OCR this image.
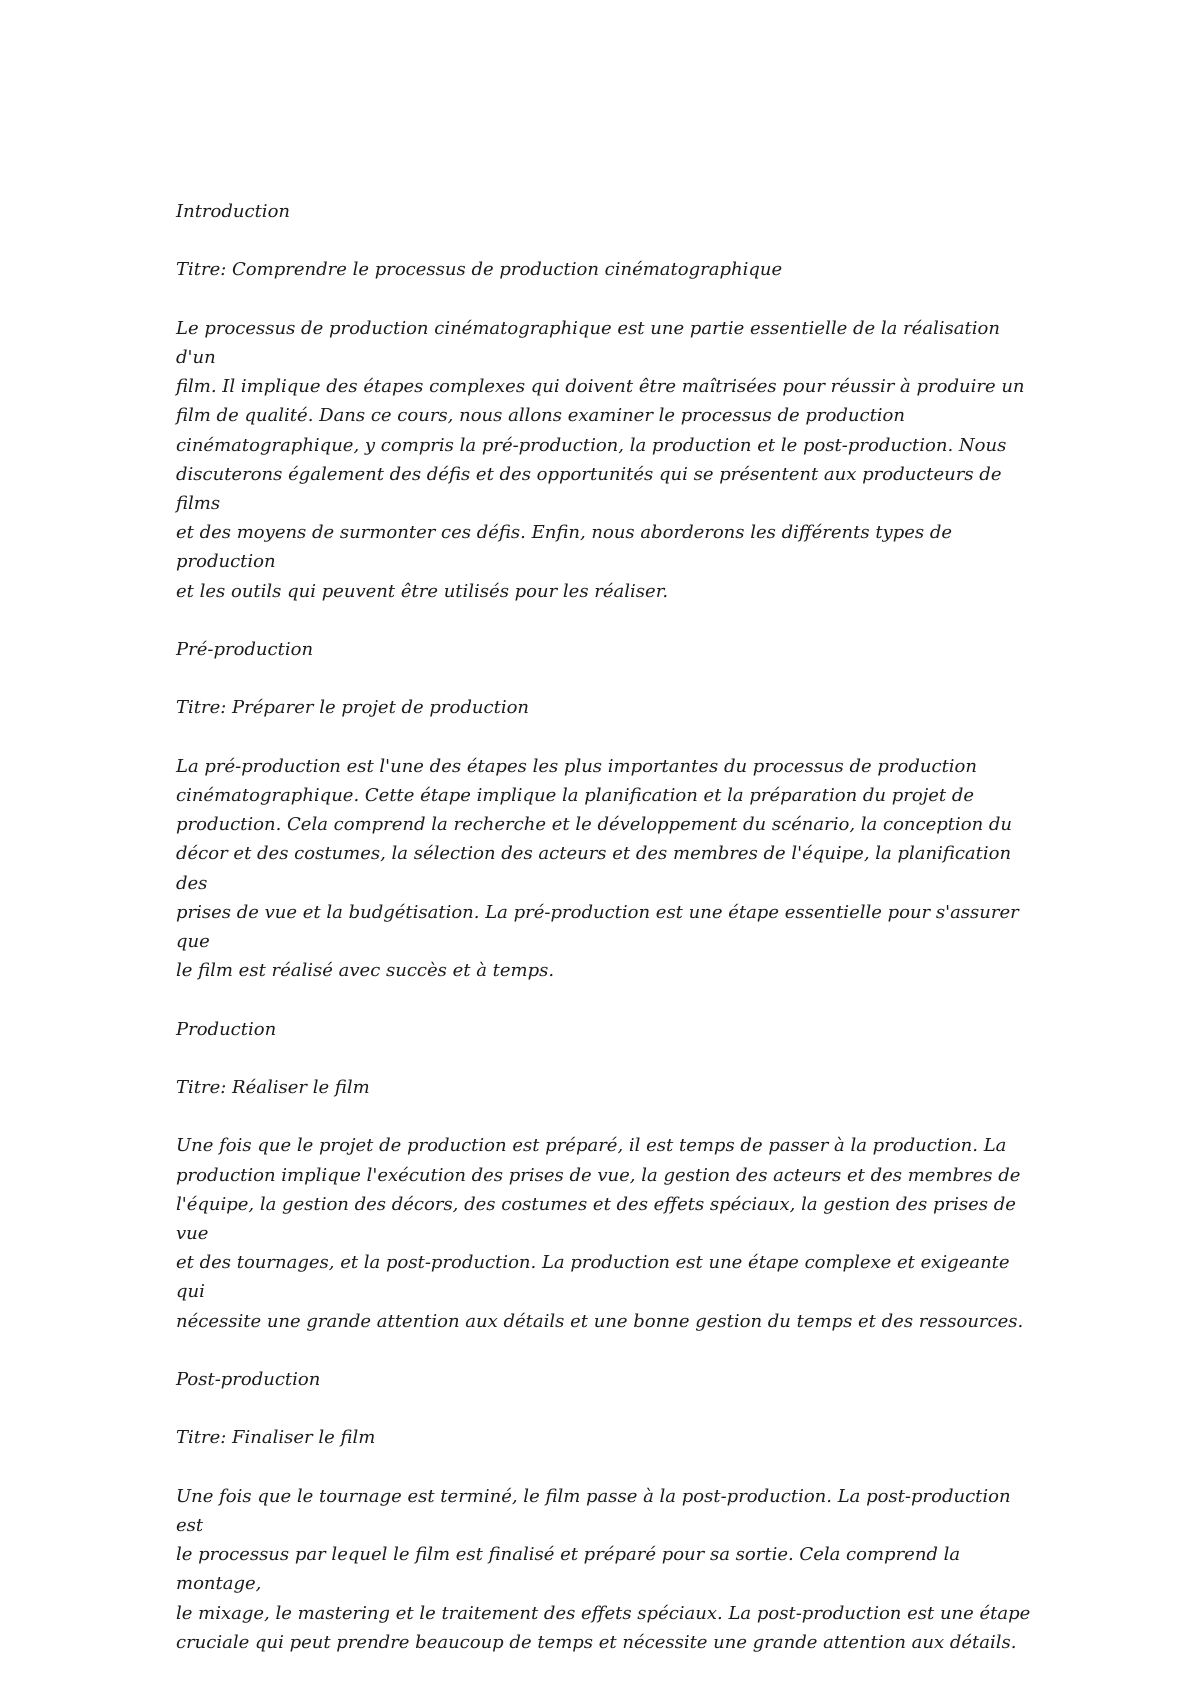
Introduction

Titre: Comprendre le processus de production cinématographique

Le processus de production cinématographique est une partie essentielle de la réalisation d'un
film. Il implique des étapes complexes qui doivent être maîtrisées pour réussir à produire un
film de qualité. Dans ce cours, nous allons examiner le processus de production
cinématographique, y compris la pré-production, la production et le post-production. Nous
discuterons également des défis et des opportunités qui se présentent aux producteurs de films
et des moyens de surmonter ces défis. Enfin, nous aborderons les différents types de production
et les outils qui peuvent être utilisés pour les réaliser.

Pré-production

Titre: Préparer le projet de production

La pré-production est l'une des étapes les plus importantes du processus de production
cinématographique. Cette étape implique la planification et la préparation du projet de
production. Cela comprend la recherche et le développement du scénario, la conception du
décor et des costumes, la sélection des acteurs et des membres de l'équipe, la planification des
prises de vue et la budgétisation. La pré-production est une étape essentielle pour s'assurer que
le film est réalisé avec succès et à temps.

Production

Titre: Réaliser le film

Une fois que le projet de production est préparé, il est temps de passer à la production. La
production implique l'exécution des prises de vue, la gestion des acteurs et des membres de
l'équipe, la gestion des décors, des costumes et des effets spéciaux, la gestion des prises de vue
et des tournages, et la post-production. La production est une étape complexe et exigeante qui
nécessite une grande attention aux détails et une bonne gestion du temps et des ressources.

Post-production

Titre: Finaliser le film

Une fois que le tournage est terminé, le film passe à la post-production. La post-production est
le processus par lequel le film est finalisé et préparé pour sa sortie. Cela comprend la montage,
le mixage, le mastering et le traitement des effets spéciaux. La post-production est une étape
cruciale qui peut prendre beaucoup de temps et nécessite une grande attention aux détails.
